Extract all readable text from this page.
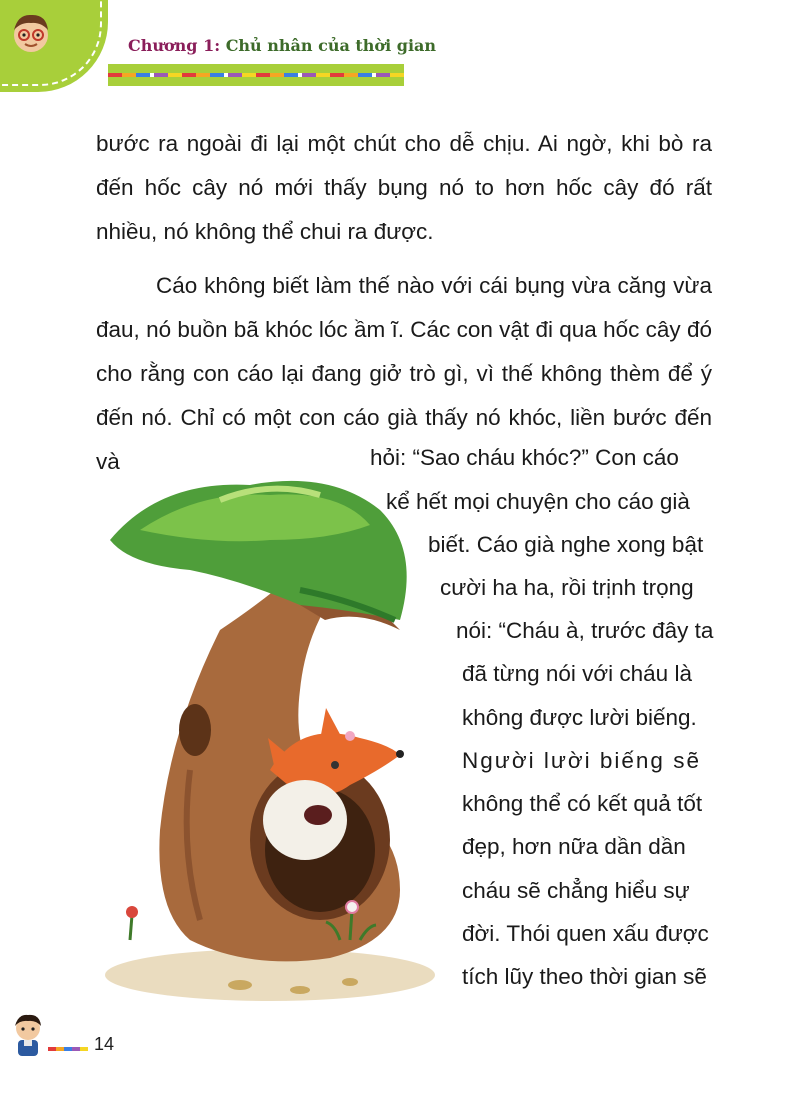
Chương 1: Chủ nhân của thời gian

bước ra ngoài đi lại một chút cho dễ chịu. Ai ngờ, khi bò ra đến hốc cây nó mới thấy bụng nó to hơn hốc cây đó rất nhiều, nó không thể chui ra được.

Cáo không biết làm thế nào với cái bụng vừa căng vừa đau, nó buồn bã khóc lóc ầm ĩ. Các con vật đi qua hốc cây đó cho rằng con cáo lại đang giở trò gì, vì thế không thèm để ý đến nó. Chỉ có một con cáo già thấy nó khóc, liền bước đến và	hỏi: “Sao cháu khóc?” Con cáo
kể hết mọi chuyện cho cáo già
biết. Cáo già nghe xong bật
cười ha ha, rồi trịnh trọng
nói: “Cháu à, trước đây ta
đã từng nói với cháu là
không được lười biếng.
Người lười biếng sẽ
không thể có kết quả tốt
đẹp, hơn nữa dần dần
cháu sẽ chẳng hiểu sự
đời. Thói quen xấu được
tích lũy theo thời gian sẽ
14
